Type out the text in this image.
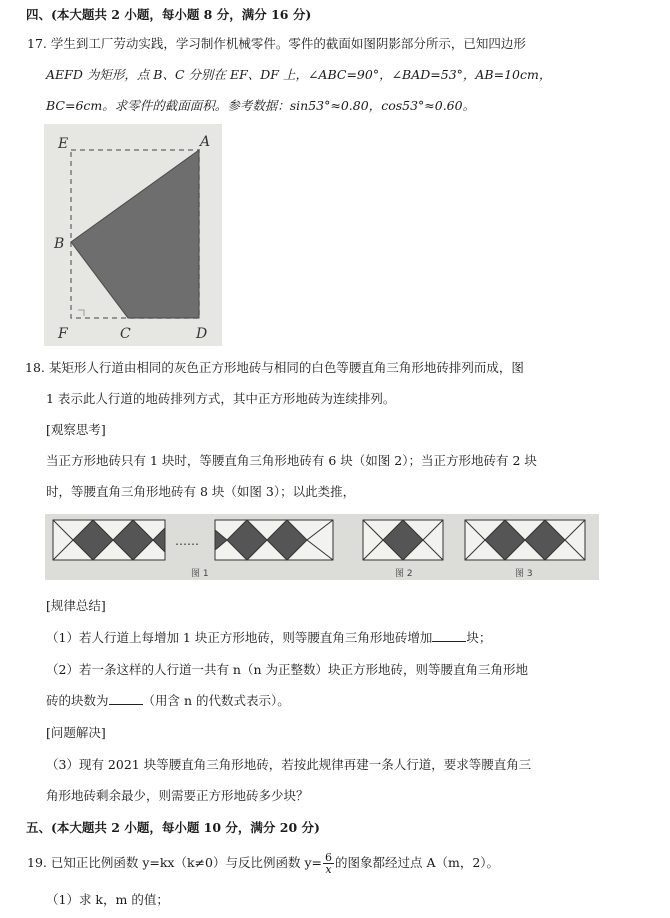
四、(本大题共 2 小题，每小题 8 分，满分 16 分)
17. 学生到工厂劳动实践，学习制作机械零件。零件的截面如图阴影部分所示，已知四边形
AEFD 为矩形，点 B、C 分别在 EF、DF 上，∠ABC=90°，∠BAD=53°，AB=10cm，
BC=6cm。求零件的截面面积。参考数据：sin53°≈0.80，cos53°≈0.60。
E	A
B
F	C	D
18. 某矩形人行道由相同的灰色正方形地砖与相同的白色等腰直角三角形地砖排列而成，图
1 表示此人行道的地砖排列方式，其中正方形地砖为连续排列。
[观察思考]
当正方形地砖只有 1 块时，等腰直角三角形地砖有 6 块（如图 2）；当正方形地砖有 2 块
时，等腰直角三角形地砖有 8 块（如图 3）；以此类推，
……
图 1	图 2	图 3
[规律总结]
（1）若人行道上每增加 1 块正方形地砖，则等腰直角三角形地砖增加	块；
（2）若一条这样的人行道一共有 n（n 为正整数）块正方形地砖，则等腰直角三角形地
砖的块数为	（用含 n 的代数式表示）。
[问题解决]
（3）现有 2021 块等腰直角三角形地砖，若按此规律再建一条人行道，要求等腰直角三
角形地砖剩余最少，则需要正方形地砖多少块？
五、(本大题共 2 小题，每小题 10 分，满分 20 分)
19. 已知正比例函数 y=kx（k≠0）与反比例函数 $y= \frac{6}{x}$ 的图象都经过点 A（m，2）。
（1）求 k，m 的值；
